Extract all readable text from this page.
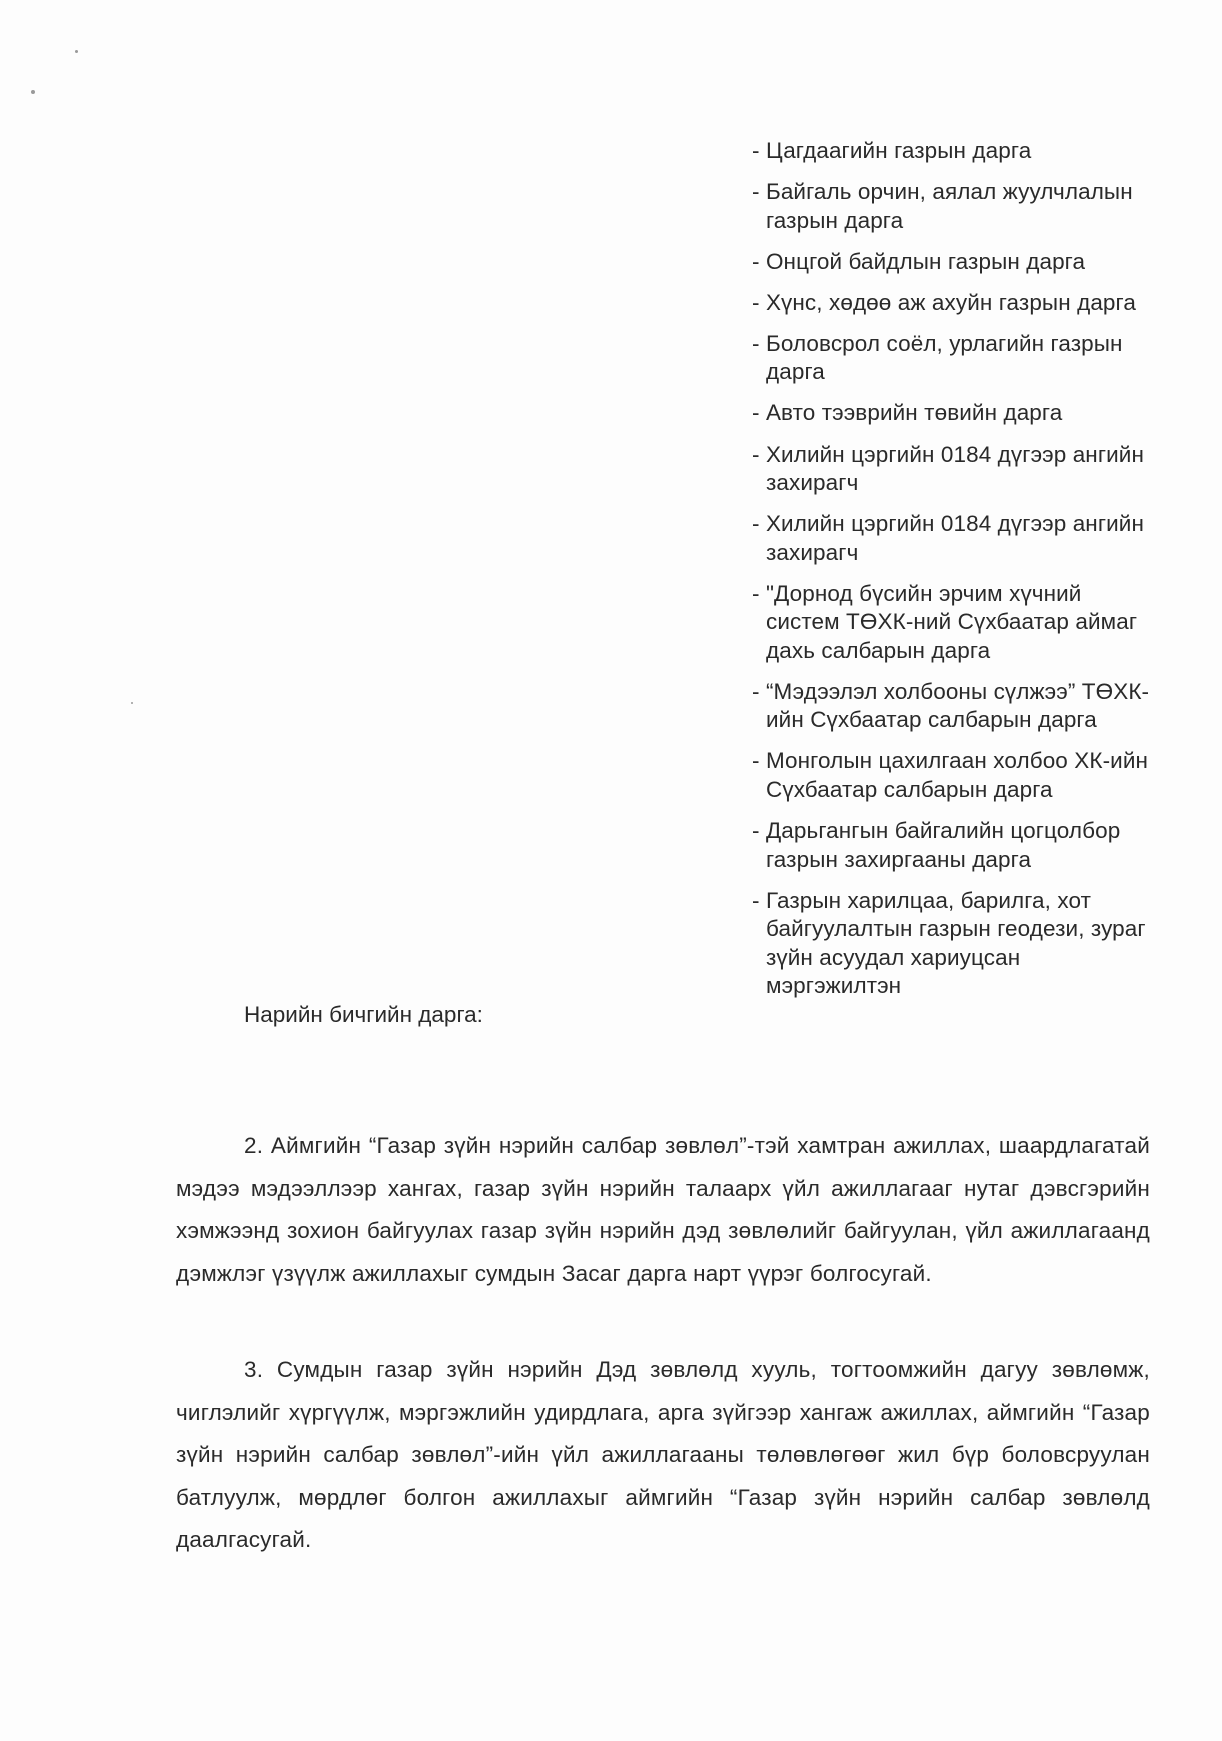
- Цагдаагийн газрын дарга
- Байгаль орчин, аялал жуулчлалын газрын дарга
- Онцгой байдлын газрын дарга
- Хүнс, хөдөө аж ахуйн газрын дарга
- Боловсрол соёл, урлагийн газрын дарга
- Авто тээврийн төвийн дарга
- Хилийн цэргийн 0184 дүгээр ангийн захирагч
- Хилийн цэргийн 0184 дүгээр ангийн захирагч
- "Дорнод бүсийн эрчим хүчний систем ТӨХК-ний Сүхбаатар аймаг дахь салбарын дарга
- “Мэдээлэл холбооны сүлжээ” ТӨХК-ийн Сүхбаатар салбарын дарга
- Монголын цахилгаан холбоо ХК-ийн Сүхбаатар салбарын дарга
- Дарьгангын байгалийн цогцолбор газрын захиргааны дарга
- Газрын харилцаа, барилга, хот байгуулалтын газрын геодези, зураг зүйн асуудал хариуцсан мэргэжилтэн
Нарийн бичгийн дарга:

2. Аймгийн “Газар зүйн нэрийн салбар зөвлөл”-тэй хамтран ажиллах, шаардлагатай мэдээ мэдээллээр хангах, газар зүйн нэрийн талаарх үйл ажиллагааг нутаг дэвсгэрийн хэмжээнд зохион байгуулах газар зүйн нэрийн дэд зөвлөлийг байгуулан, үйл ажиллагаанд дэмжлэг үзүүлж ажиллахыг сумдын Засаг дарга нарт үүрэг болгосугай.

3. Сумдын газар зүйн нэрийн Дэд зөвлөлд хууль, тогтоомжийн дагуу зөвлөмж, чиглэлийг хүргүүлж, мэргэжлийн удирдлага, арга зүйгээр хангаж ажиллах, аймгийн “Газар зүйн нэрийн салбар зөвлөл”-ийн үйл ажиллагааны төлөвлөгөөг жил бүр боловсруулан батлуулж, мөрдлөг болгон ажиллахыг аймгийн “Газар зүйн нэрийн салбар зөвлөлд даалгасугай.
